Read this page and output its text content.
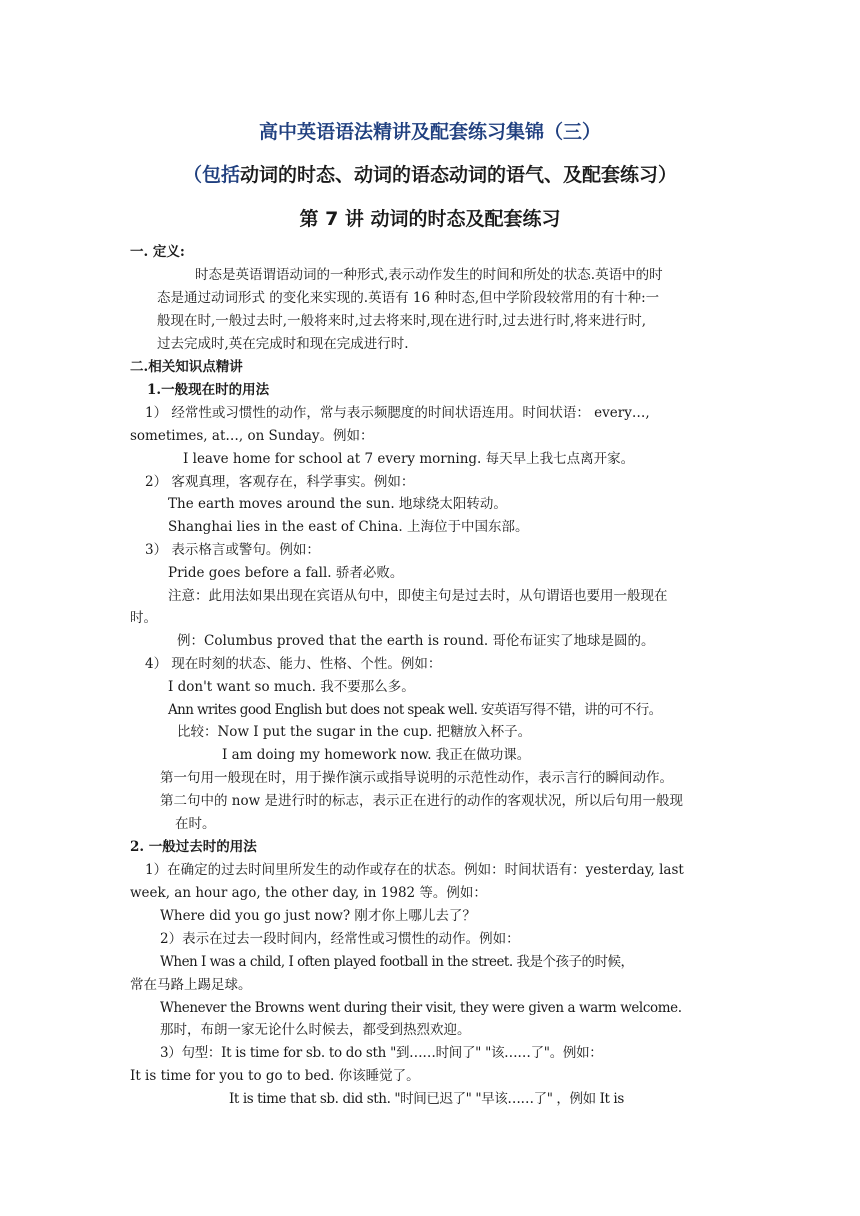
高中英语语法精讲及配套练习集锦（三）
（包括动词的时态、动词的语态动词的语气、及配套练习）
第 7 讲 动词的时态及配套练习
一. 定义:
时态是英语谓语动词的一种形式,表示动作发生的时间和所处的状态.英语中的时
态是通过动词形式 的变化来实现的.英语有 16 种时态,但中学阶段较常用的有十种:一
般现在时,一般过去时,一般将来时,过去将来时,现在进行时,过去进行时,将来进行时,
过去完成时,英在完成时和现在完成进行时.
二.相关知识点精讲
1.一般现在时的用法
1） 经常性或习惯性的动作，常与表示频腮度的时间状语连用。时间状语： every…,
sometimes, at…, on Sunday。例如：
I leave home for school at 7 every morning. 每天早上我七点离开家。
2） 客观真理，客观存在，科学事实。例如：
The earth moves around the sun. 地球绕太阳转动。
Shanghai lies in the east of China. 上海位于中国东部。
3） 表示格言或警句。例如：
Pride goes before a fall. 骄者必败。
注意：此用法如果出现在宾语从句中，即使主句是过去时，从句谓语也要用一般现在
时。
例：Columbus proved that the earth is round. 哥伦布证实了地球是圆的。
4） 现在时刻的状态、能力、性格、个性。例如：
I don't want so much. 我不要那么多。
Ann writes good English but does not speak well. 安英语写得不错，讲的可不行。
比较：Now I put the sugar in the cup. 把糖放入杯子。
I am doing my homework now. 我正在做功课。
第一句用一般现在时，用于操作演示或指导说明的示范性动作，表示言行的瞬间动作。
第二句中的 now 是进行时的标志，表示正在进行的动作的客观状况，所以后句用一般现
在时。
2. 一般过去时的用法
1）在确定的过去时间里所发生的动作或存在的状态。例如：时间状语有：yesterday, last
week, an hour ago, the other day, in 1982 等。例如：
Where did you go just now? 刚才你上哪儿去了？
2）表示在过去一段时间内，经常性或习惯性的动作。例如：
When I was a child, I often played football in the street. 我是个孩子的时候，
常在马路上踢足球。
Whenever the Browns went during their visit, they were given a warm welcome.
那时，布朗一家无论什么时候去，都受到热烈欢迎。
3）句型：It is time for sb. to do sth "到……时间了" "该……了"。例如：
It is time for you to go to bed. 你该睡觉了。
It is time that sb. did sth. "时间已迟了" "早该……了" ，例如 It is
